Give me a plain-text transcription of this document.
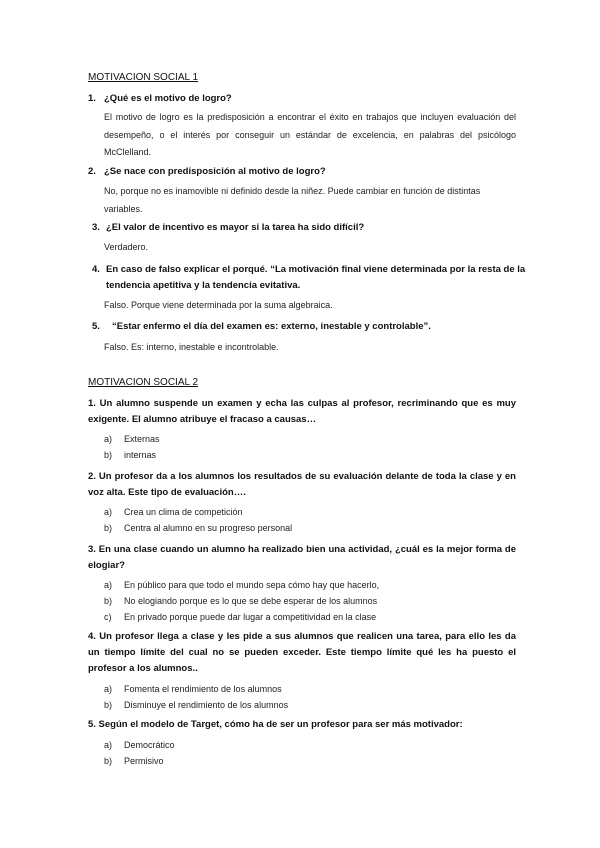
MOTIVACION SOCIAL 1
1. ¿Qué es el motivo de logro?
El motivo de logro es la predisposición a encontrar el éxito en trabajos que incluyen evaluación del desempeño, o el interés por conseguir un estándar de excelencia, en palabras del psicólogo McClelland.
2. ¿Se nace con predisposición al motivo de logro?
No, porque no es inamovible ni definido desde la niñez. Puede cambiar en función de distintas variables.
3. ¿El valor de incentivo es mayor si la tarea ha sido difícil?
Verdadero.
4. En caso de falso explicar el porqué. “La motivación final viene determinada por la resta de la tendencia apetitiva y la tendencia evitativa.
Falso. Porque viene determinada por la suma algebraica.
5. “Estar enfermo el día del examen es: externo, inestable y controlable”.
Falso. Es: interno, inestable e incontrolable.
MOTIVACION SOCIAL 2
1. Un alumno suspende un examen y echa las culpas al profesor, recriminando que es muy exigente. El alumno atribuye el fracaso a causas…
a) Externas
b) internas
2. Un profesor da a los alumnos los resultados de su evaluación delante de toda la clase y en voz alta. Este tipo de evaluación….
a) Crea un clima de competición
b) Centra al alumno en su progreso personal
3. En una clase cuando un alumno ha realizado bien una actividad, ¿cuál es la mejor forma de elogiar?
a) En público para que todo el mundo sepa cómo hay que hacerlo,
b) No elogiando porque es lo que se debe esperar de los alumnos
c) En privado porque puede dar lugar a competitividad en la clase
4. Un profesor llega a clase y les pide a sus alumnos que realicen una tarea, para ello les da un tiempo límite del cual no se pueden exceder. Este tiempo límite qué les ha puesto el profesor a los alumnos..
a) Fomenta el rendimiento de los alumnos
b) Disminuye el rendimiento de los alumnos
5. Según el modelo de Target, cómo ha de ser un profesor para ser más motivador:
a) Democrático
b) Permisivo
